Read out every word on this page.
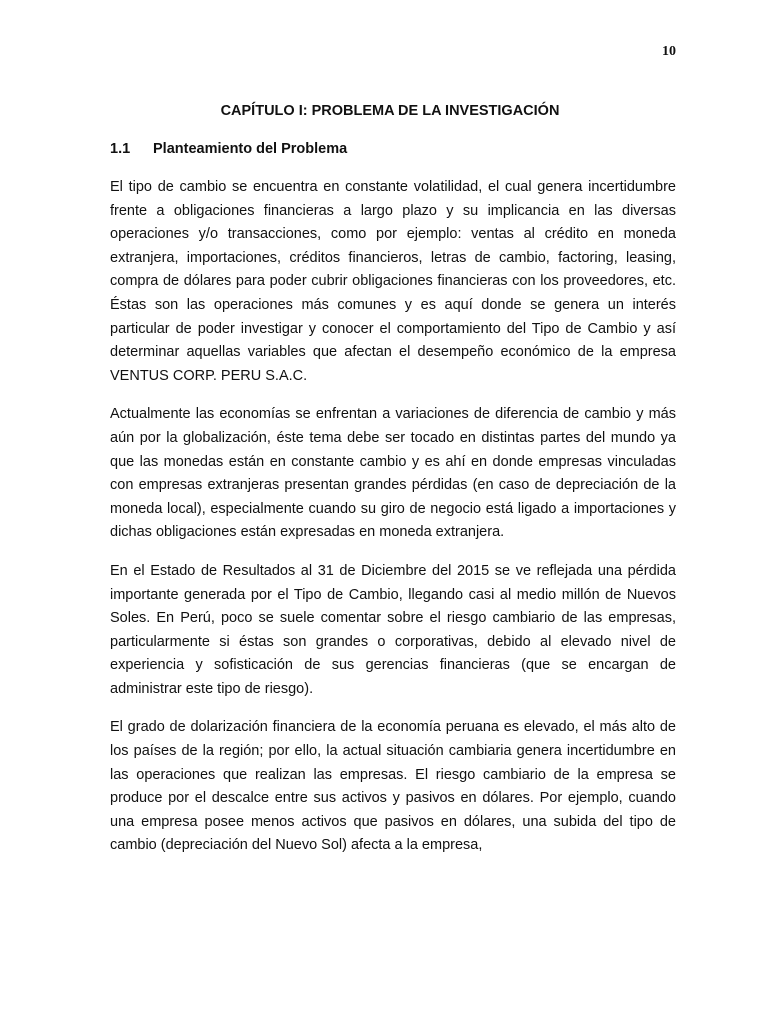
10
CAPÍTULO I: PROBLEMA DE LA INVESTIGACIÓN
1.1	Planteamiento del Problema

El tipo de cambio se encuentra en constante volatilidad, el cual genera incertidumbre frente a obligaciones financieras a largo plazo y su implicancia en las diversas operaciones y/o transacciones, como por ejemplo: ventas al crédito en moneda extranjera, importaciones, créditos financieros, letras de cambio, factoring, leasing, compra de dólares para poder cubrir obligaciones financieras con los proveedores, etc. Éstas son las operaciones más comunes y es aquí donde se genera un interés particular de poder investigar y conocer el comportamiento del Tipo de Cambio y así determinar aquellas variables que afectan el desempeño económico de la empresa VENTUS CORP. PERU S.A.C.

Actualmente las economías se enfrentan a variaciones de diferencia de cambio y más aún por la globalización, éste tema debe ser tocado en distintas partes del mundo ya que las monedas están en constante cambio y es ahí en donde empresas vinculadas con empresas extranjeras presentan grandes pérdidas (en caso de depreciación de la moneda local), especialmente cuando su giro de negocio está ligado a importaciones y dichas obligaciones están expresadas en moneda extranjera.

En el Estado de Resultados al 31 de Diciembre del 2015 se ve reflejada una pérdida importante generada por el Tipo de Cambio, llegando casi al medio millón de Nuevos Soles. En Perú, poco se suele comentar sobre el riesgo cambiario de las empresas, particularmente si éstas son grandes o corporativas, debido al elevado nivel de experiencia y sofisticación de sus gerencias financieras (que se encargan de administrar este tipo de riesgo).

El grado de dolarización financiera de la economía peruana es elevado, el más alto de los países de la región; por ello, la actual situación cambiaria genera incertidumbre en las operaciones que realizan las empresas. El riesgo cambiario de la empresa se produce por el descalce entre sus activos y pasivos en dólares. Por ejemplo, cuando una empresa posee menos activos que pasivos en dólares, una subida del tipo de cambio (depreciación del Nuevo Sol) afecta a la empresa,
